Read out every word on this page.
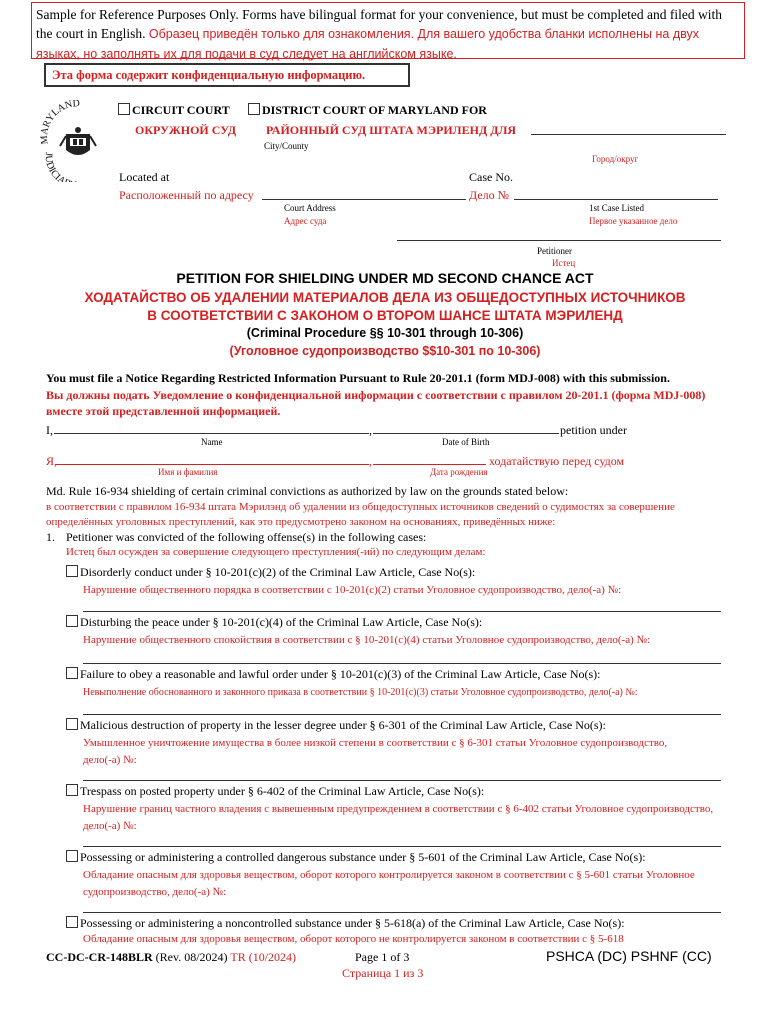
Sample for Reference Purposes Only. Forms have bilingual format for your convenience, but must be completed and filed with the court in English. Образец приведён только для ознакомления. Для вашего удобства бланки исполнены на двух языках, но заполнять их для подачи в суд следует на английском языке.
Эта форма содержит конфиденциальную информацию.
MARYLAND
JUDICIA
CIRCUIT COURT
ОКРУЖНОЙ СУД
DISTRICT COURT OF MARYLAND FOR
РАЙОННЫЙ СУД ШТАТА МЭРИЛЕНД ДЛЯ
City/County
Город/округ
Located at
Расположенный по адресу
Court Address
Адрес суда
Case No.
Дело №
1st Case Listed
Первое указанное дело
Petitioner
Истец
PETITION FOR SHIELDING UNDER MD SECOND CHANCE ACT
ХОДАТАЙСТВО ОБ УДАЛЕНИИ МАТЕРИАЛОВ ДЕЛА ИЗ ОБЩЕДОСТУПНЫХ ИСТОЧНИКОВ
В СООТВЕТСТВИИ С ЗАКОНОМ О ВТОРОМ ШАНСЕ ШТАТА МЭРИЛЕНД
(Criminal Procedure §§ 10-301 through 10-306)
(Уголовное судопроизводство $$10-301 по 10-306)
You must file a Notice Regarding Restricted Information Pursuant to Rule 20-201.1 (form MDJ-008) with this submission.
Вы должны подать Уведомление о конфиденциальной информации с соответствии с правилом 20-201.1 (форма MDJ-008) вместе этой представленной информацией.
I,	,	petition under
Name	Date of Birth
Я,	,	ходатайствую перед судом
Имя и фамилия	Дата рождения
Md. Rule 16-934 shielding of certain criminal convictions as authorized by law on the grounds stated below:
в соответствии с правилом 16-934 штата Мэрилэнд об удалении из общедоступных источников сведений о судимостях за совершение определённых уголовных преступлений, как это предусмотрено законом на основаниях, приведённых ниже:
1. Petitioner was convicted of the following offense(s) in the following cases:
Истец был осужден за совершение следующего преступления(-ий) по следующим делам:
Disorderly conduct under § 10-201(c)(2) of the Criminal Law Article, Case No(s):
Нарушение общественного порядка в соответствии с 10-201(c)(2) статьи Уголовное судопроизводство, дело(-а) №:
Disturbing the peace under § 10-201(c)(4) of the Criminal Law Article, Case No(s):
Нарушение общественного спокойствия в соответствии с § 10-201(c)(4) статьи Уголовное судопроизводство, дело(-а) №:
Failure to obey a reasonable and lawful order under § 10-201(c)(3) of the Criminal Law Article, Case No(s):
Невыполнение обоснованного и законного приказа в соответствии § 10-201(c)(3) статьи Уголовное судопроизводство, дело(-а) №:
Malicious destruction of property in the lesser degree under § 6-301 of the Criminal Law Article, Case No(s):
Умышленное уничтожение имущества в более низкой степени в соответствии с § 6-301 статьи Уголовное судопроизводство, дело(-а) №:
Trespass on posted property under § 6-402 of the Criminal Law Article, Case No(s):
Нарушение границ частного владения с вывешенным предупреждением в соответствии с § 6-402 статьи Уголовное судопроизводство, дело(-а) №:
Possessing or administering a controlled dangerous substance under § 5-601 of the Criminal Law Article, Case No(s):
Обладание опасным для здоровья веществом, оборот которого контролируется законом в соответствии с § 5-601 статьи Уголовное судопроизводство, дело(-а) №:
Possessing or administering a noncontrolled substance under § 5-618(a) of the Criminal Law Article, Case No(s):
Обладание опасным для здоровья веществом, оборот которого не контролируется законом в соответствии с § 5-618
CC-DC-CR-148BLR (Rev. 08/2024) TR (10/2024)	Page 1 of 3
Страница 1 из 3
PSHCA (DC) PSHNF (CC)
